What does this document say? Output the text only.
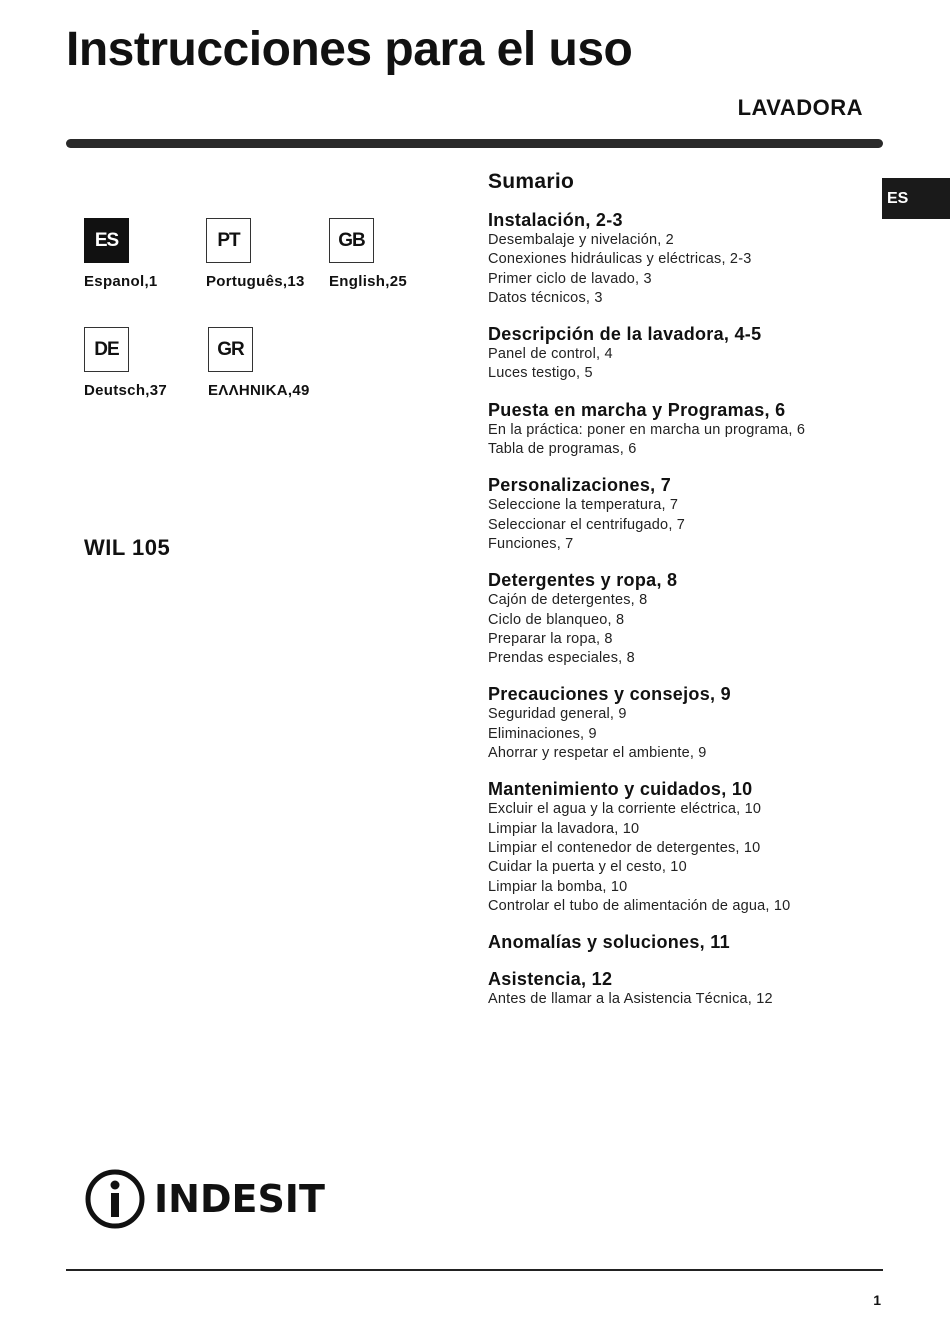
Instrucciones para el uso
LAVADORA
ES
ES
Espanol,1
PT
Português,13
GB
English,25
DE
Deutsch,37
GR
ΕΛΛΗΝΙΚΑ,49
WIL 105
Sumario
Instalación, 2-3
Desembalaje y nivelación, 2
Conexiones hidráulicas y eléctricas, 2-3
Primer ciclo de lavado, 3
Datos técnicos, 3
Descripción de la lavadora, 4-5
Panel de control, 4
Luces testigo, 5
Puesta en marcha y Programas, 6
En la práctica: poner en marcha un programa, 6
Tabla de programas, 6
Personalizaciones, 7
Seleccione la temperatura, 7
Seleccionar el centrifugado, 7
Funciones, 7
Detergentes y ropa, 8
Cajón de detergentes, 8
Ciclo de blanqueo, 8
Preparar la ropa, 8
Prendas especiales, 8
Precauciones y consejos, 9
Seguridad general, 9
Eliminaciones, 9
Ahorrar y respetar el ambiente, 9
Mantenimiento y cuidados, 10
Excluir el agua y la corriente eléctrica, 10
Limpiar la lavadora, 10
Limpiar el contenedor de detergentes, 10
Cuidar la puerta y el cesto, 10
Limpiar la bomba, 10
Controlar el tubo de alimentación de agua, 10
Anomalías y soluciones, 11
Asistencia, 12
Antes de llamar a la Asistencia Técnica, 12
INDESIT
1
